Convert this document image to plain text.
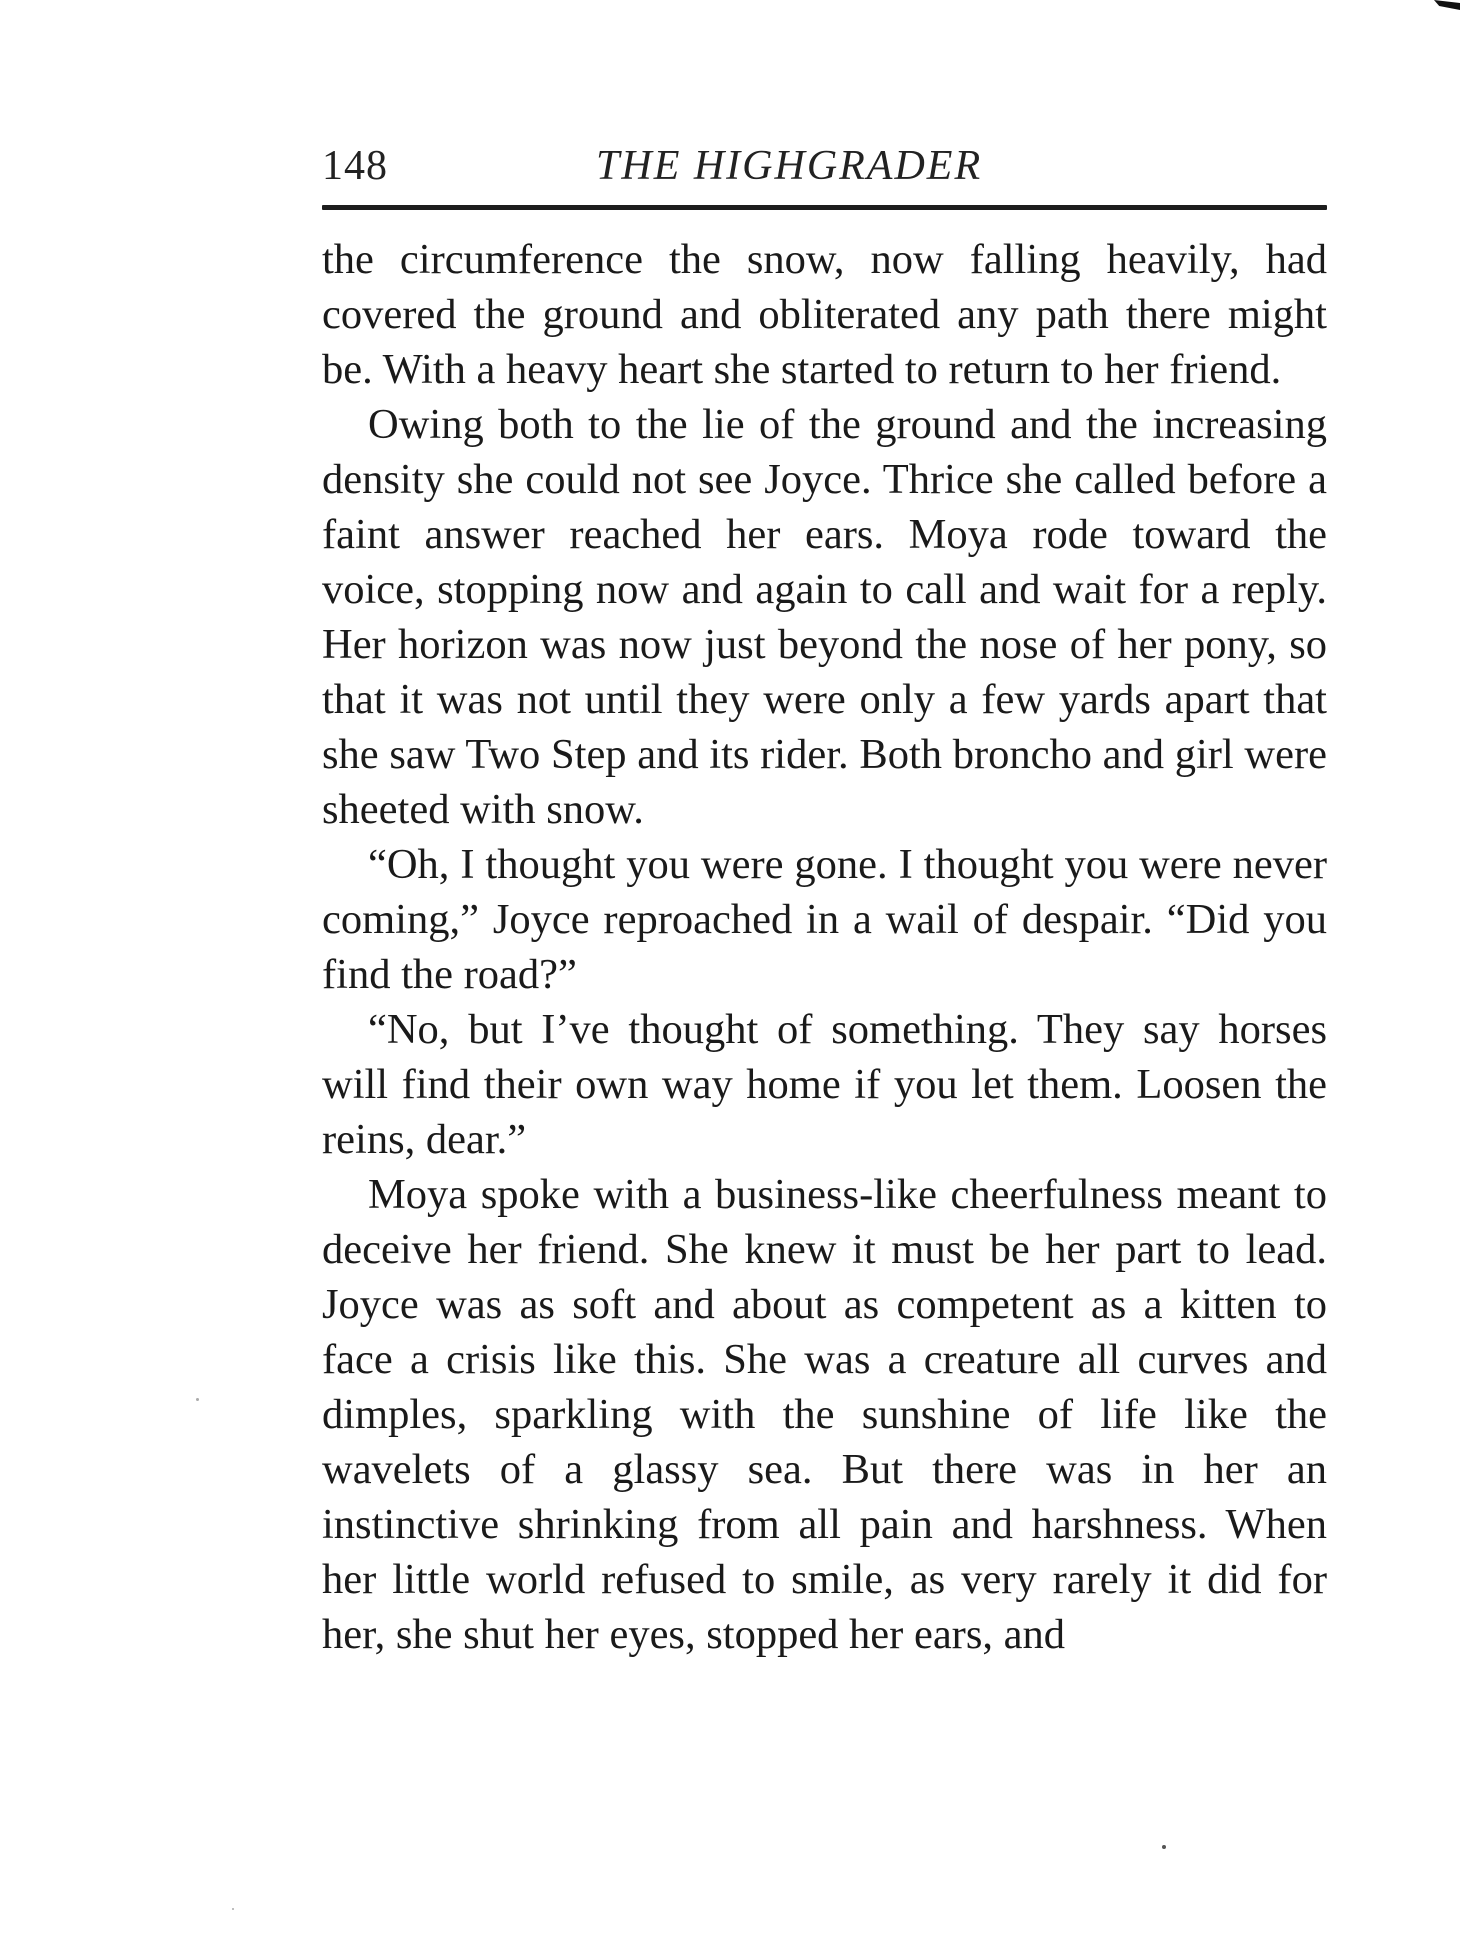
148	THE HIGHGRADER

the circumference the snow, now falling heavily, had covered the ground and obliterated any path there might be. With a heavy heart she started to return to her friend.

Owing both to the lie of the ground and the increasing density she could not see Joyce. Thrice she called before a faint answer reached her ears. Moya rode toward the voice, stopping now and again to call and wait for a reply. Her horizon was now just beyond the nose of her pony, so that it was not until they were only a few yards apart that she saw Two Step and its rider. Both broncho and girl were sheeted with snow.

“Oh, I thought you were gone. I thought you were never coming,” Joyce reproached in a wail of despair. “Did you find the road?”

“No, but I’ve thought of something. They say horses will find their own way home if you let them. Loosen the reins, dear.”

Moya spoke with a business-like cheerfulness meant to deceive her friend. She knew it must be her part to lead. Joyce was as soft and about as competent as a kitten to face a crisis like this. She was a creature all curves and dimples, sparkling with the sunshine of life like the wavelets of a glassy sea. But there was in her an instinctive shrinking from all pain and harshness. When her little world refused to smile, as very rarely it did for her, she shut her eyes, stopped her ears, and
